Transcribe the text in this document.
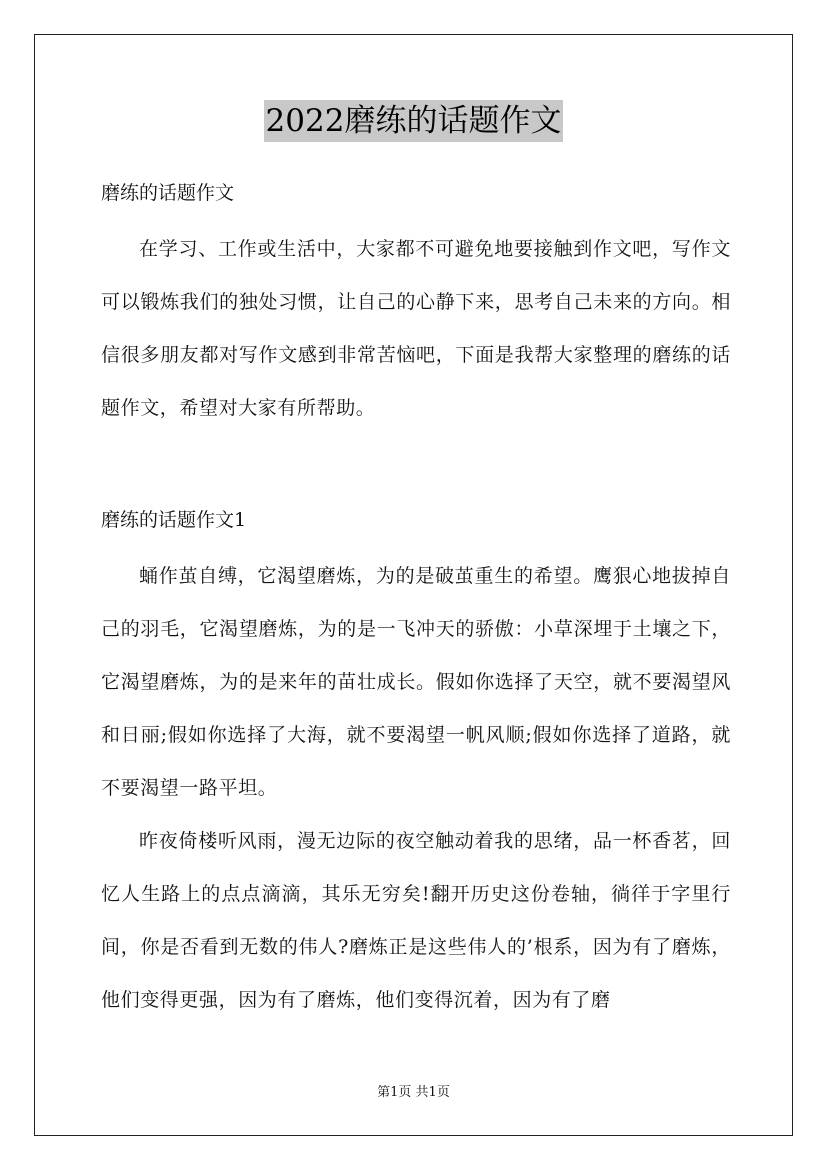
2022磨练的话题作文

磨练的话题作文

在学习、工作或生活中，大家都不可避免地要接触到作文吧，写作文可以锻炼我们的独处习惯，让自己的心静下来，思考自己未来的方向。相信很多朋友都对写作文感到非常苦恼吧，下面是我帮大家整理的磨练的话题作文，希望对大家有所帮助。

磨练的话题作文1

蛹作茧自缚，它渴望磨炼，为的是破茧重生的希望。鹰狠心地拔掉自己的羽毛，它渴望磨炼，为的是一飞冲天的骄傲：小草深埋于土壤之下，它渴望磨炼，为的是来年的苗壮成长。假如你选择了天空，就不要渴望风和日丽;假如你选择了大海，就不要渴望一帆风顺;假如你选择了道路，就不要渴望一路平坦。

昨夜倚楼听风雨，漫无边际的夜空触动着我的思绪，品一杯香茗，回忆人生路上的点点滴滴，其乐无穷矣!翻开历史这份卷轴，徜徉于字里行间，你是否看到无数的伟人?磨炼正是这些伟人的’根系，因为有了磨炼，他们变得更强，因为有了磨炼，他们变得沉着，因为有了磨

第1页 共1页
